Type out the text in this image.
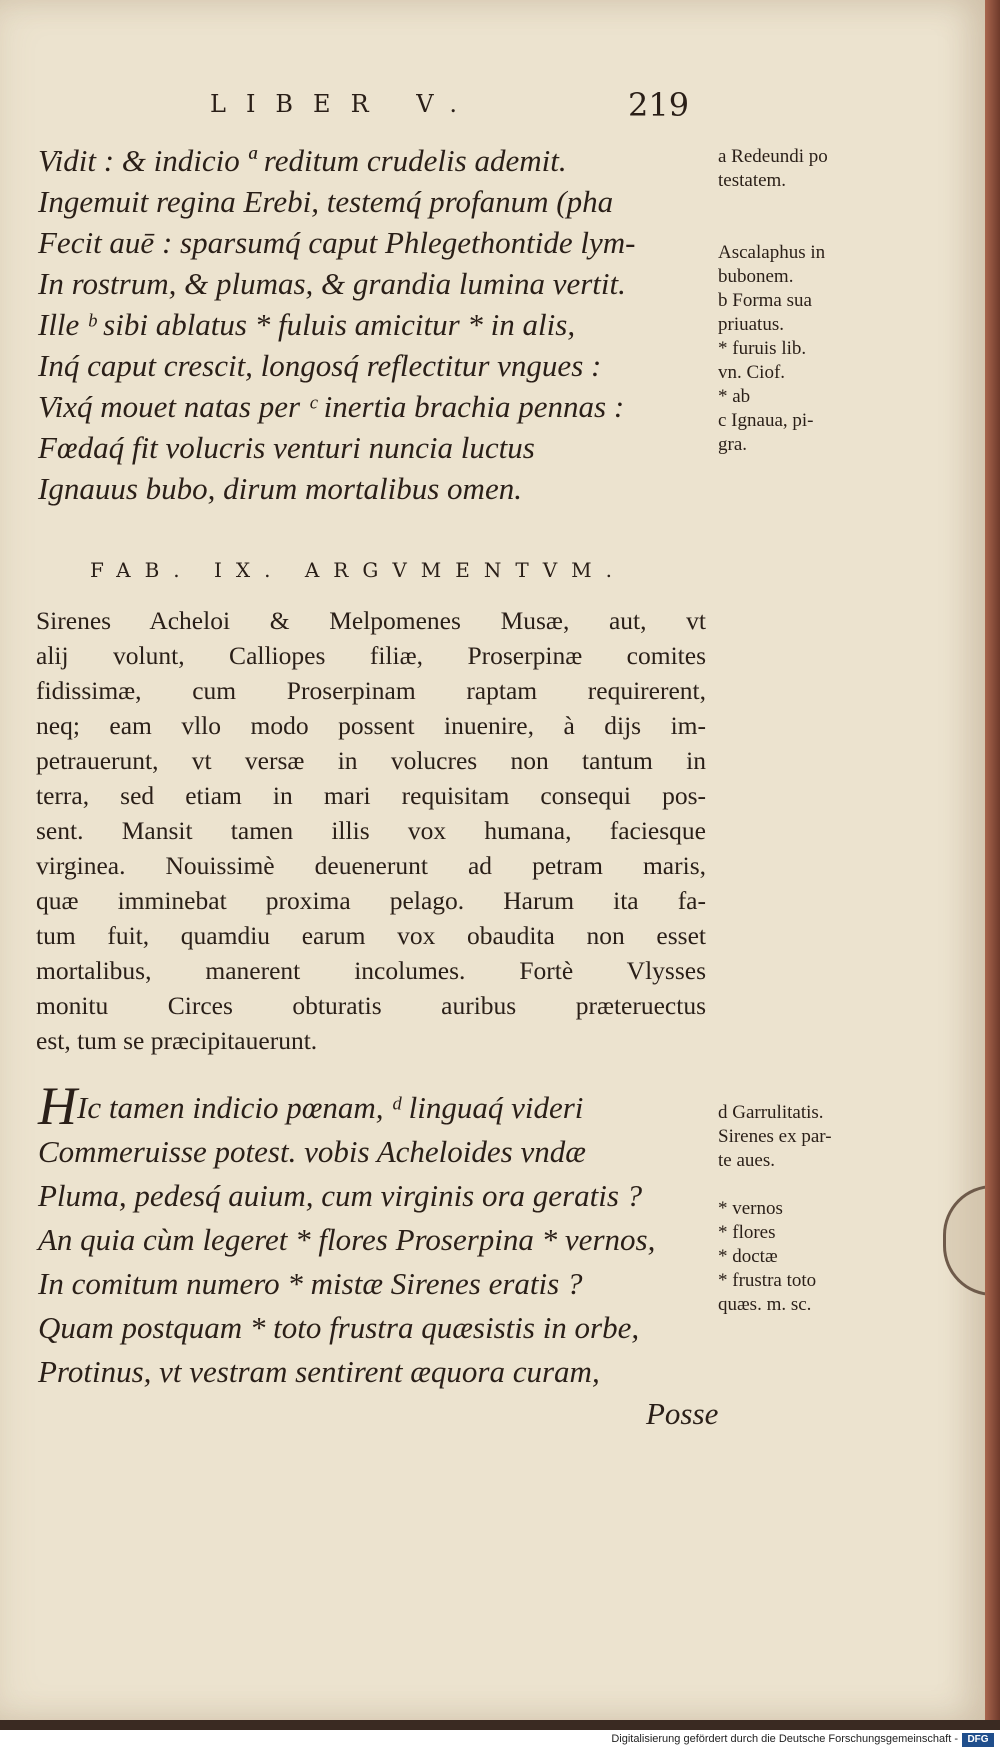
LIBER V.	219
Vidit : & indicio ª reditum crudelis ademit.
Ingemuit regina Erebi, testemq́ profanum (pha
Fecit auē : sparsumq́ caput Phlegethontide lym-
In rostrum, & plumas, & grandia lumina vertit.
Ille ᵇ sibi ablatus * fuluis amicitur * in alis,
Inq́ caput crescit, longosq́ reflectitur vngues :
Vixq́ mouet natas per ᶜ inertia brachia pennas :
Fœdaq́ fit volucris venturi nuncia luctus
Ignauus bubo, dirum mortalibus omen.
a Redeundi po
testatem.

Ascalaphus in
bubonem.
b Forma sua
priuatus.
* furuis lib.
vn. Ciof.
* ab
c Ignaua, pi-
gra.
FAB. IX. ARGVMENTVM.
Sirenes Acheloi & Melpomenes Musæ, aut, vt
alij volunt, Calliopes filiæ, Proserpinæ comites
fidissimæ, cum Proserpinam raptam requirerent,
neq; eam vllo modo possent inuenire, à dijs im-
petrauerunt, vt versæ in volucres non tantum in
terra, sed etiam in mari requisitam consequi pos-
sent. Mansit tamen illis vox humana, faciesque
virginea. Nouissimè deuenerunt ad petram maris,
quæ imminebat proxima pelago. Harum ita fa-
tum fuit, quamdiu earum vox obaudita non esset
mortalibus, manerent incolumes. Fortè Vlysses
monitu Circes obturatis auribus præteruectus
est, tum se præcipitauerunt.
HIc tamen indicio pœnam, ᵈ linguaq́ videri
Commeruisse potest. vobis Acheloides vndæ
Pluma, pedesq́ auium, cum virginis ora geratis ?
An quia cùm legeret * flores Proserpina * vernos,
In comitum numero * mistæ Sirenes eratis ?
Quam postquam * toto frustra quæsistis in orbe,
Protinus, vt vestram sentirent æquora curam,
d Garrulitatis.
Sirenes ex par-
te aues.

* vernos
* flores
* doctæ
* frustra toto
quæs. m. sc.
Posse
Digitalisierung gefördert durch die Deutsche Forschungsgemeinschaft - DFG
